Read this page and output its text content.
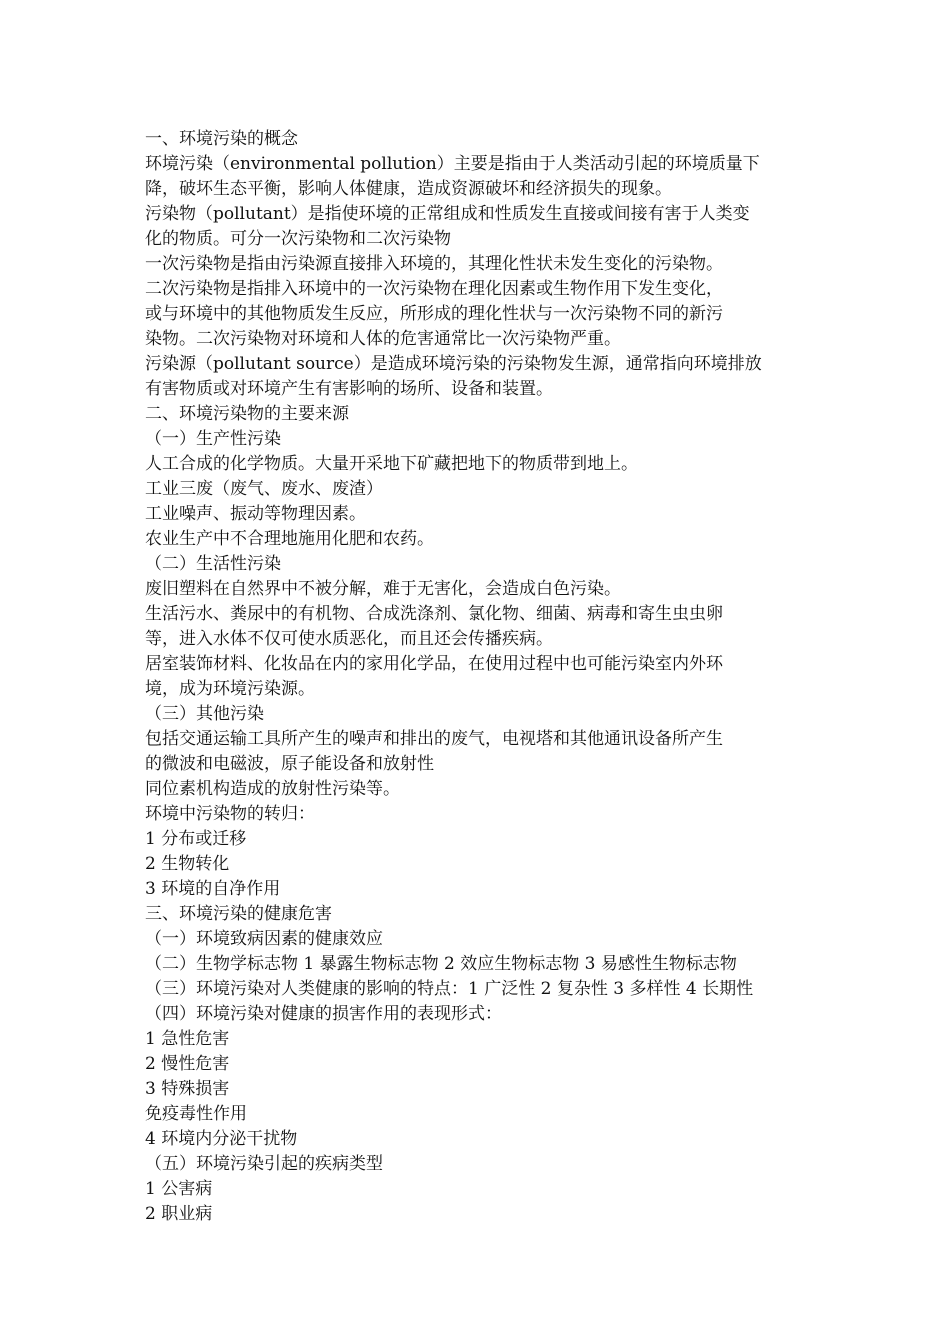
一、环境污染的概念

环境污染（environmental pollution）主要是指由于人类活动引起的环境质量下

降，破坏生态平衡，影响人体健康，造成资源破坏和经济损失的现象。

污染物（pollutant）是指使环境的正常组成和性质发生直接或间接有害于人类变

化的物质。可分一次污染物和二次污染物

一次污染物是指由污染源直接排入环境的，其理化性状未发生变化的污染物。

二次污染物是指排入环境中的一次污染物在理化因素或生物作用下发生变化，

或与环境中的其他物质发生反应，所形成的理化性状与一次污染物不同的新污

染物。二次污染物对环境和人体的危害通常比一次污染物严重。

污染源（pollutant source）是造成环境污染的污染物发生源，通常指向环境排放

有害物质或对环境产生有害影响的场所、设备和装置。

二、环境污染物的主要来源

（一）生产性污染

人工合成的化学物质。大量开采地下矿藏把地下的物质带到地上。

工业三废（废气、废水、废渣）

工业噪声、振动等物理因素。

农业生产中不合理地施用化肥和农药。

（二）生活性污染

废旧塑料在自然界中不被分解，难于无害化，会造成白色污染。

生活污水、粪尿中的有机物、合成洗涤剂、氯化物、细菌、病毒和寄生虫虫卵

等，进入水体不仅可使水质恶化，而且还会传播疾病。

居室装饰材料、化妆品在内的家用化学品，在使用过程中也可能污染室内外环

境，成为环境污染源。

（三）其他污染

包括交通运输工具所产生的噪声和排出的废气，电视塔和其他通讯设备所产生

的微波和电磁波，原子能设备和放射性

同位素机构造成的放射性污染等。

环境中污染物的转归：

1 分布或迁移

2 生物转化

3 环境的自净作用

三、环境污染的健康危害

（一）环境致病因素的健康效应

（二）生物学标志物 1 暴露生物标志物 2 效应生物标志物 3 易感性生物标志物

（三）环境污染对人类健康的影响的特点：1 广泛性 2 复杂性 3 多样性 4 长期性

（四）环境污染对健康的损害作用的表现形式：

1 急性危害

2 慢性危害

3 特殊损害

免疫毒性作用

4 环境内分泌干扰物

（五）环境污染引起的疾病类型

1 公害病

2 职业病
